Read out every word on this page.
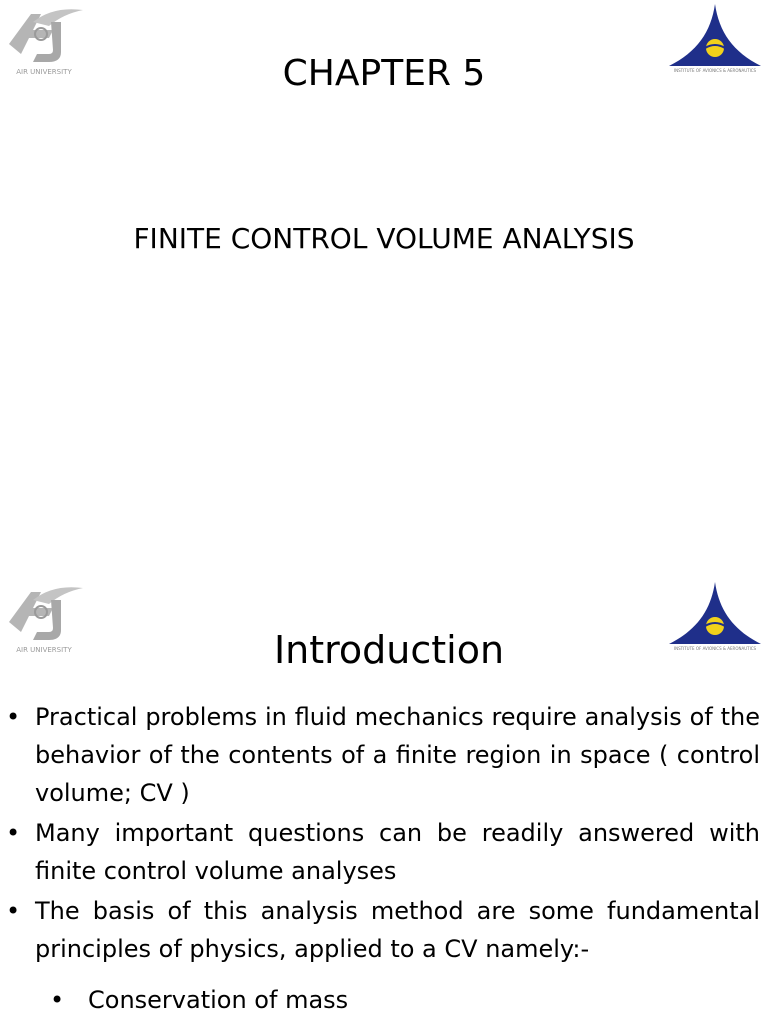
AIR UNIVERSITY	CHAPTER 5	INSTITUTE OF AVIONICS & AERONAUTICS
FINITE CONTROL VOLUME ANALYSIS
AIR UNIVERSITY	Introduction	INSTITUTE OF AVIONICS & AERONAUTICS
• Practical problems in fluid mechanics require analysis of the behavior of the contents of a finite region in space ( control volume; CV )
• Many important questions can be readily answered with finite control volume analyses
• The basis of this analysis method are some fundamental principles of physics, applied to a CV namely:-
• Conservation of mass
